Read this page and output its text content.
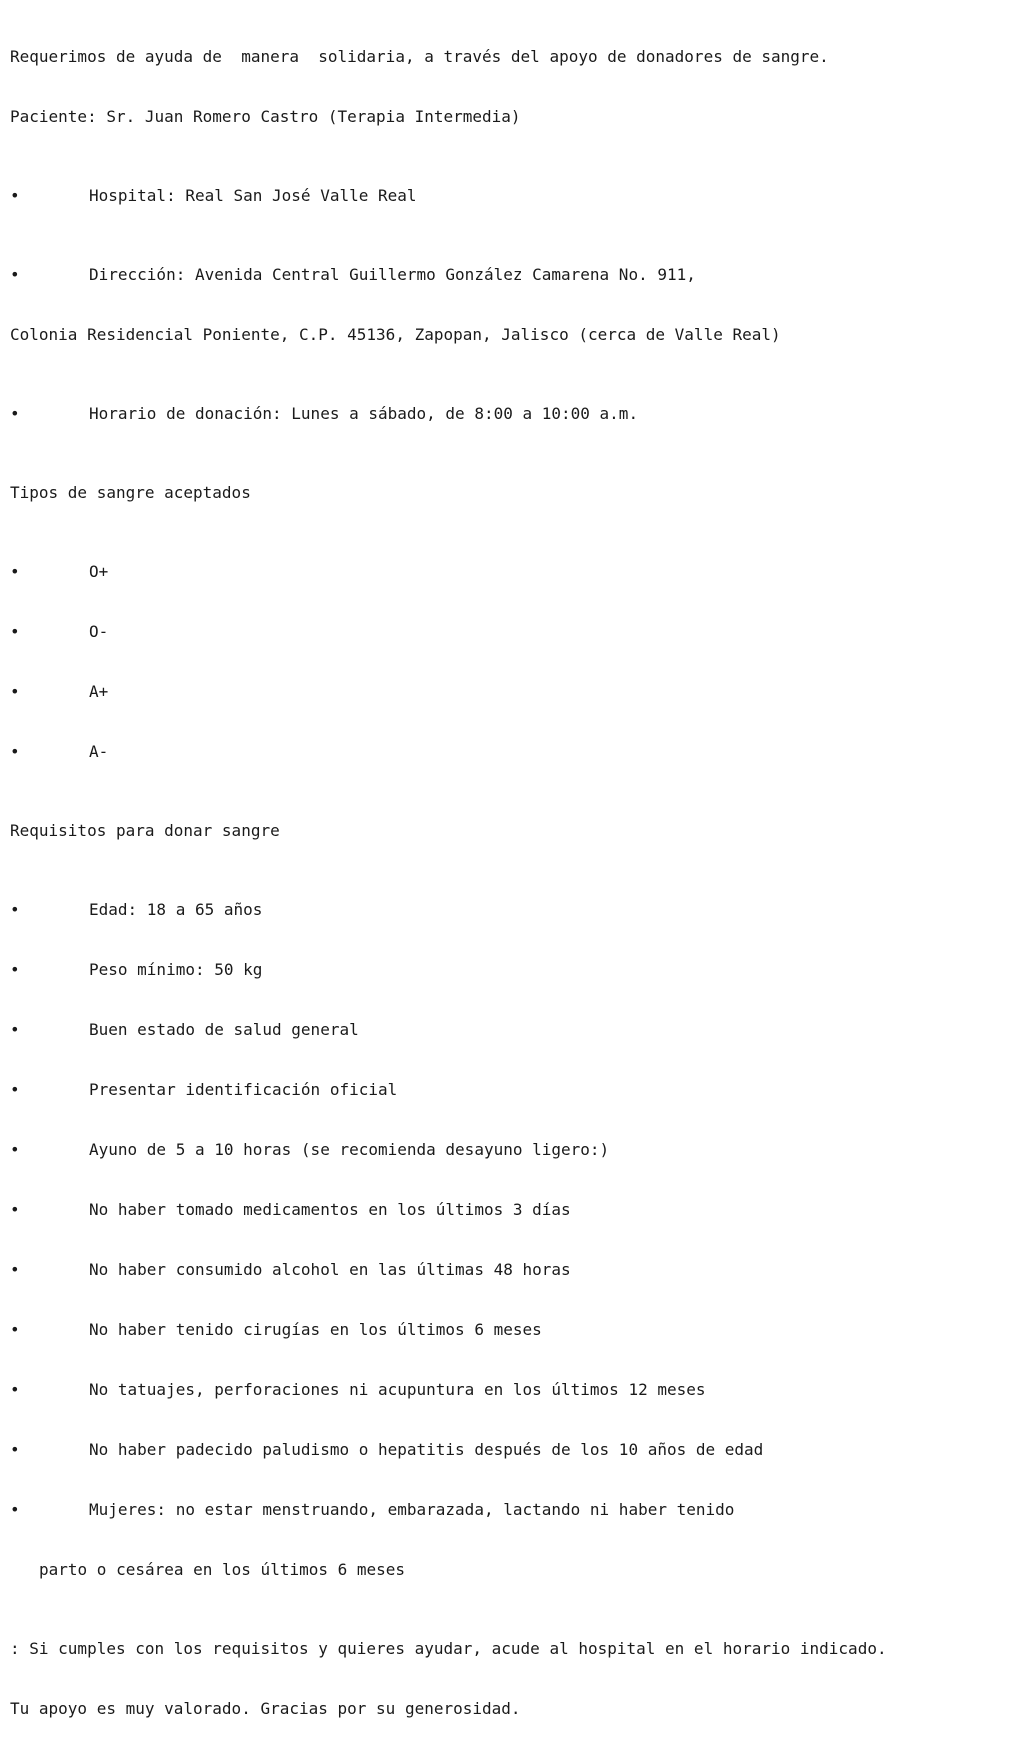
Requerimos de ayuda de  manera  solidaria, a través del apoyo de donadores de sangre.

Paciente: Sr. Juan Romero Castro (Terapia Intermedia)

•

	Hospital: Real San José Valle Real

•

	Dirección: Avenida Central Guillermo González Camarena No. 911,

Colonia Residencial Poniente, C.P. 45136, Zapopan, Jalisco (cerca de Valle Real)

•

	Horario de donación: Lunes a sábado, de 8:00 a 10:00 a.m.

Tipos de sangre aceptados

•

	O+

•

	O-

•

	A+

•

	A-

Requisitos para donar sangre

•

	Edad: 18 a 65 años

•

	Peso mínimo: 50 kg

•

	Buen estado de salud general

•

	Presentar identificación oficial

•

	Ayuno de 5 a 10 horas (se recomienda desayuno ligero:)

•

	No haber tomado medicamentos en los últimos 3 días

•

	No haber consumido alcohol en las últimas 48 horas

•

	No haber tenido cirugías en los últimos 6 meses

•

	No tatuajes, perforaciones ni acupuntura en los últimos 12 meses

•

	No haber padecido paludismo o hepatitis después de los 10 años de edad

•

	Mujeres: no estar menstruando, embarazada, lactando ni haber tenido

parto o cesárea en los últimos 6 meses

: Si cumples con los requisitos y quieres ayudar, acude al hospital en el horario indicado.

Tu apoyo es muy valorado. Gracias por su generosidad.
